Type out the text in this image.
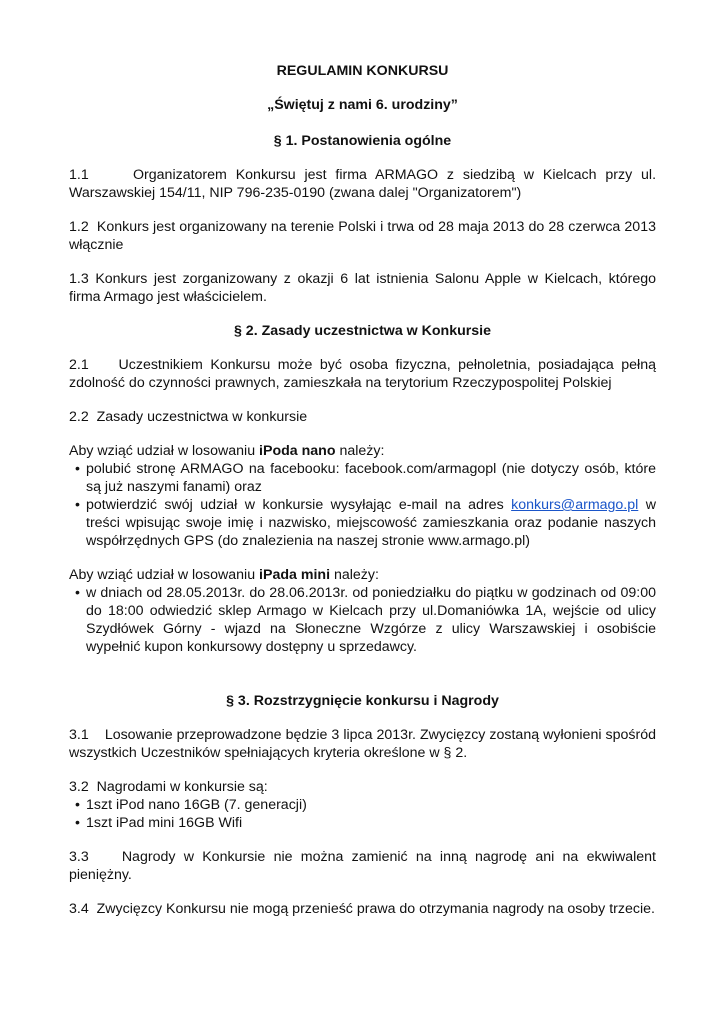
REGULAMIN KONKURSU
„Świętuj z nami 6. urodziny”
§ 1. Postanowienia ogólne

1.1	Organizatorem Konkursu jest firma ARMAGO z siedzibą w Kielcach przy ul. Warszawskiej 154/11, NIP 796-235-0190 (zwana dalej "Organizatorem")

1.2 Konkurs jest organizowany na terenie Polski i trwa od 28 maja 2013 do 28 czerwca 2013 włącznie

1.3 Konkurs jest zorganizowany z okazji 6 lat istnienia Salonu Apple w Kielcach, którego firma Armago jest właścicielem.

§ 2. Zasady uczestnictwa w Konkursie

2.1 Uczestnikiem Konkursu może być osoba fizyczna, pełnoletnia, posiadająca pełną zdolność do czynności prawnych, zamieszkała na terytorium Rzeczypospolitej Polskiej

2.2 Zasady uczestnictwa w konkursie

Aby wziąć udział w losowaniu iPoda nano należy:

• polubić stronę ARMAGO na facebooku: facebook.com/armagopl (nie dotyczy osób, które są już naszymi fanami) oraz
• potwierdzić swój udział w konkursie wysyłając e-mail na adres konkurs@armago.pl w treści wpisując swoje imię i nazwisko, miejscowość zamieszkania oraz podanie naszych współrzędnych GPS (do znalezienia na naszej stronie www.armago.pl)

Aby wziąć udział w losowaniu iPada mini należy:

• w dniach od 28.05.2013r. do 28.06.2013r. od poniedziałku do piątku w godzinach od 09:00 do 18:00 odwiedzić sklep Armago w Kielcach przy ul.Domaniówka 1A, wejście od ulicy Szydłówek Górny - wjazd na Słoneczne Wzgórze z ulicy Warszawskiej i osobiście wypełnić kupon konkursowy dostępny u sprzedawcy.
§ 3. Rozstrzygnięcie konkursu i Nagrody

3.1 Losowanie przeprowadzone będzie 3 lipca 2013r. Zwycięzcy zostaną wyłonieni spośród wszystkich Uczestników spełniających kryteria określone w § 2.

3.2 Nagrodami w konkursie są:

• 1szt iPod nano 16GB (7. generacji)
• 1szt iPad mini 16GB Wifi

3.3 Nagrody w Konkursie nie można zamienić na inną nagrodę ani na ekwiwalent pieniężny.

3.4 Zwycięzcy Konkursu nie mogą przenieść prawa do otrzymania nagrody na osoby trzecie.
